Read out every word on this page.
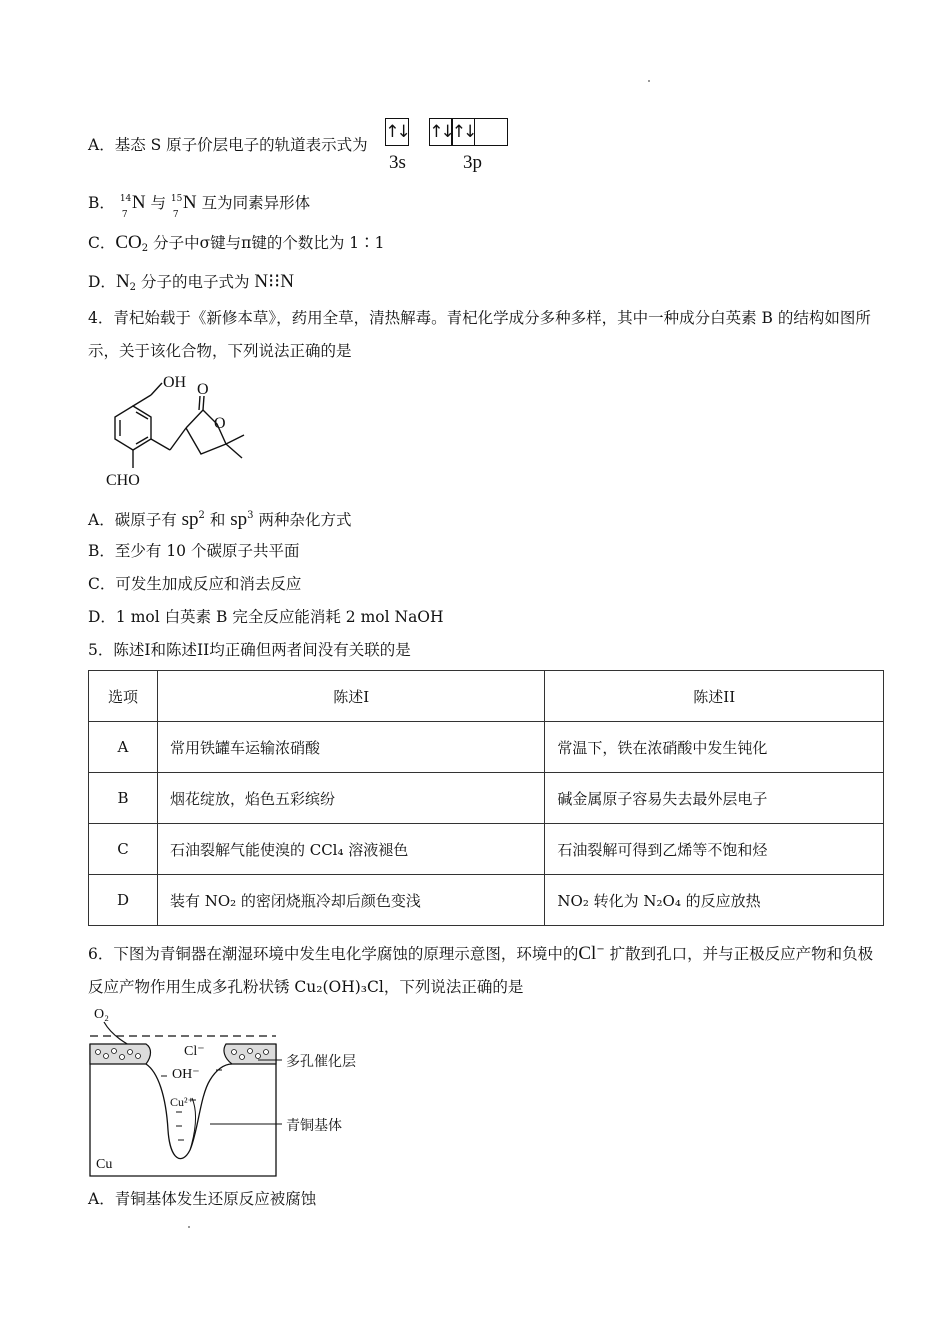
A．基态 S 原子价层电子的轨道表示式为
↑↓ ↑↓ ↑↓
3s	3p
B． 14
7
N 与 15
7
N 互为同素异形体
C．$CO_2$ 分子中σ键与π键的个数比为 1∶1
D．$N_2$ 分子的电子式为 N⁝⁝N
4．青杞始载于《新修本草》，药用全草，清热解毒。青杞化学成分多种多样，其中一种成分白英素 B 的结构如图所示，关于该化合物，下列说法正确的是
OH O
O
CHO
A．碳原子有 $sp^2$ 和 $sp^3$ 两种杂化方式
B．至少有 10 个碳原子共平面
C．可发生加成反应和消去反应
D．1 mol 白英素 B 完全反应能消耗 2 mol NaOH
5．陈述I和陈述II均正确但两者间没有关联的是
选项	陈述I	陈述II
A	常用铁罐车运输浓硝酸	常温下，铁在浓硝酸中发生钝化
B	烟花绽放，焰色五彩缤纷	碱金属原子容易失去最外层电子
C	石油裂解气能使溴的 CCl₄ 溶液褪色	石油裂解可得到乙烯等不饱和烃
D	装有 NO₂ 的密闭烧瓶冷却后颜色变浅	NO₂ 转化为 N₂O₄ 的反应放热
6．下图为青铜器在潮湿环境中发生电化学腐蚀的原理示意图，环境中的Cl− 扩散到孔口，并与正极反应产物和负极反应产物作用生成多孔粉状锈 Cu₂(OH)₃Cl，下列说法正确的是
O₂
Cl⁻
OH⁻
Cu²⁺
Cu
多孔催化层
青铜基体
A．青铜基体发生还原反应被腐蚀
